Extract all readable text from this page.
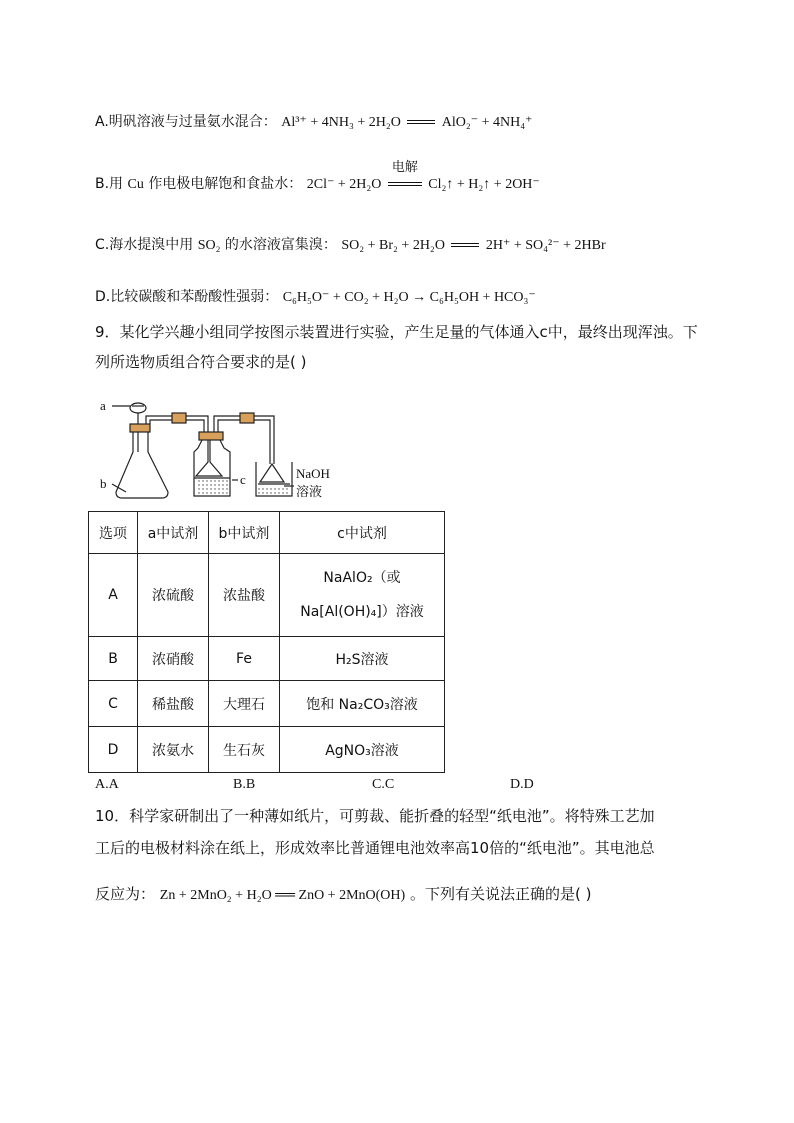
A.明矾溶液与过量氨水混合： Al³⁺ + 4NH₃ + 2H₂O	AlO₂⁻ + 4NH₄⁺
B.用 Cu 作电极电解饱和食盐水： 2Cl⁻ + 2H₂O
电解
Cl₂↑ + H₂↑ + 2OH⁻
C.海水提溴中用 SO₂ 的水溶液富集溴： SO₂ + Br₂ + 2H₂O	2H⁺ + SO₄²⁻ + 2HBr
D.比较碳酸和苯酚酸性强弱： C₆H₅O⁻ + CO₂ + H₂O → C₆H₅OH + HCO₃⁻
9．某化学兴趣小组同学按图示装置进行实验，产生足量的气体通入c中，最终出现浑浊。下列所选物质组合符合要求的是( )
a
b	c	NaOH
溶液
选项	a中试剂	b中试剂	c中试剂
A	浓硫酸	浓盐酸	NaAlO₂（或
Na[Al(OH)₄]）溶液

B	浓硝酸	Fe	H₂S溶液
C	稀盐酸	大理石	饱和 Na₂CO₃溶液
D	浓氨水	生石灰	AgNO₃溶液
A.A	B.B	C.C	D.D
10．科学家研制出了一种薄如纸片，可剪裁、能折叠的轻型“纸电池”。将特殊工艺加
工后的电极材料涂在纸上，形成效率比普通锂电池效率高10倍的“纸电池”。其电池总
反应为： Zn + 2MnO₂ + H₂O ══ ZnO + 2MnO(OH) 。下列有关说法正确的是( )
